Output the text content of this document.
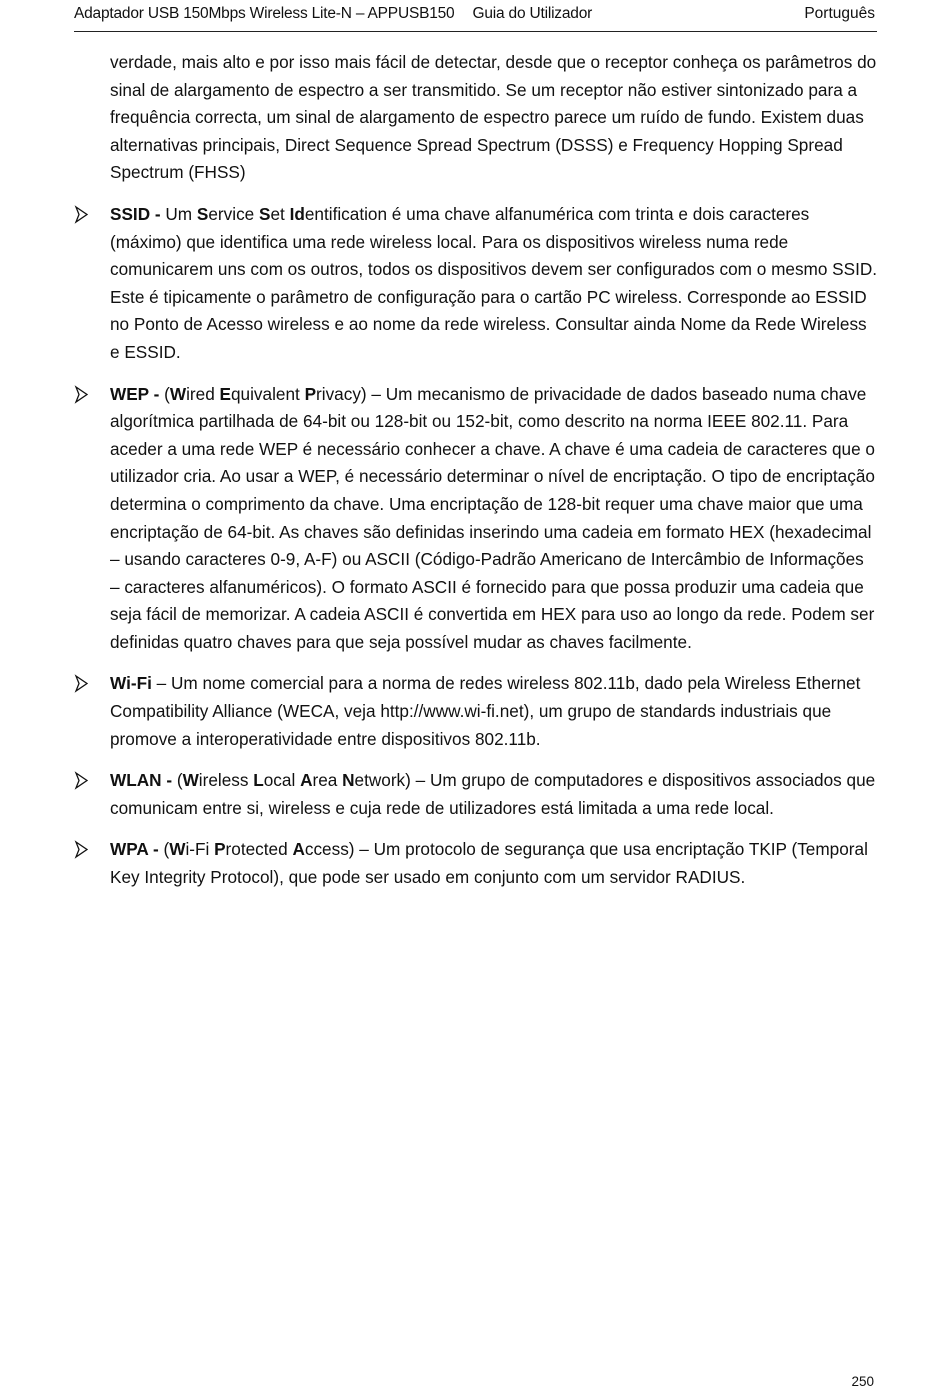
Adaptador USB 150Mbps Wireless Lite-N – APPUSB150 Guia do Utilizador	Português

verdade, mais alto e por isso mais fácil de detectar, desde que o receptor conheça os parâmetros do sinal de alargamento de espectro a ser transmitido. Se um receptor não estiver sintonizado para a frequência correcta, um sinal de alargamento de espectro parece um ruído de fundo. Existem duas alternativas principais, Direct Sequence Spread Spectrum (DSSS) e Frequency Hopping Spread Spectrum (FHSS)

SSID - Um Service Set Identification é uma chave alfanumérica com trinta e dois caracteres (máximo) que identifica uma rede wireless local. Para os dispositivos wireless numa rede comunicarem uns com os outros, todos os dispositivos devem ser configurados com o mesmo SSID. Este é tipicamente o parâmetro de configuração para o cartão PC wireless. Corresponde ao ESSID no Ponto de Acesso wireless e ao nome da rede wireless. Consultar ainda Nome da Rede Wireless e ESSID.
WEP - (Wired Equivalent Privacy) – Um mecanismo de privacidade de dados baseado numa chave algorítmica partilhada de 64-bit ou 128-bit ou 152-bit, como descrito na norma IEEE 802.11. Para aceder a uma rede WEP é necessário conhecer a chave. A chave é uma cadeia de caracteres que o utilizador cria. Ao usar a WEP, é necessário determinar o nível de encriptação. O tipo de encriptação determina o comprimento da chave. Uma encriptação de 128-bit requer uma chave maior que uma encriptação de 64-bit. As chaves são definidas inserindo uma cadeia em formato HEX (hexadecimal – usando caracteres 0-9, A-F) ou ASCII (Código-Padrão Americano de Intercâmbio de Informações – caracteres alfanuméricos). O formato ASCII é fornecido para que possa produzir uma cadeia que seja fácil de memorizar. A cadeia ASCII é convertida em HEX para uso ao longo da rede. Podem ser definidas quatro chaves para que seja possível mudar as chaves facilmente.
Wi-Fi – Um nome comercial para a norma de redes wireless 802.11b, dado pela Wireless Ethernet Compatibility Alliance (WECA, veja http://www.wi-fi.net), um grupo de standards industriais que promove a interoperatividade entre dispositivos 802.11b.
WLAN - (Wireless Local Area Network) – Um grupo de computadores e dispositivos associados que comunicam entre si, wireless e cuja rede de utilizadores está limitada a uma rede local.
WPA - (Wi-Fi Protected Access) – Um protocolo de segurança que usa encriptação TKIP (Temporal Key Integrity Protocol), que pode ser usado em conjunto com um servidor RADIUS.
250
